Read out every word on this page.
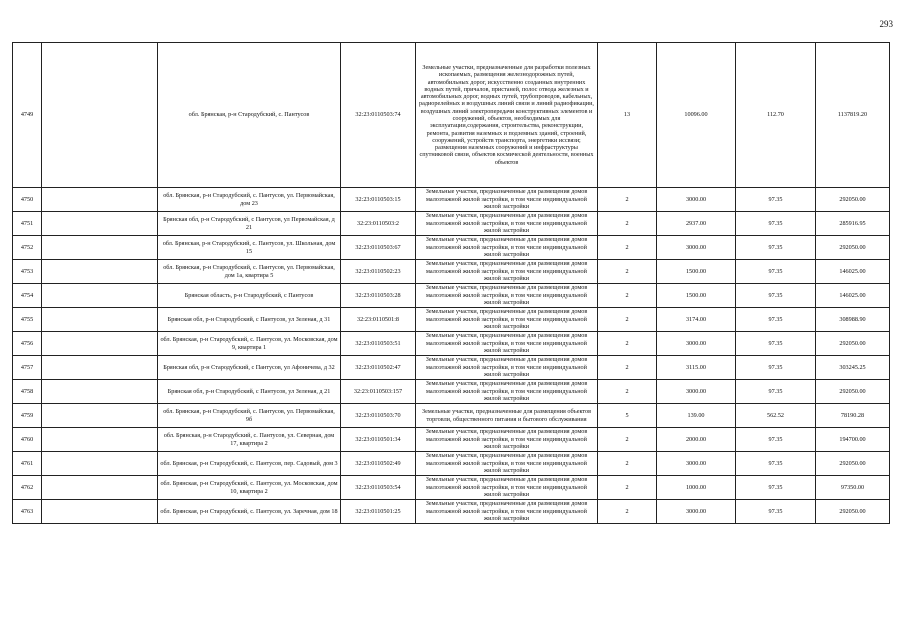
293
4749		обл. Брянская, р-н Стародубский, с. Пантусов	32:23:0110503:74	Земельные участки, предназначенные для разработки полезных ископаемых, размещения железнодорожных путей, автомобильных дорог, искусственно созданных внутренних водных путей, причалов, пристаней, полос отвода железных и автомобильных дорог, водных путей, трубопроводов, кабельных, радиорелейных и воздушных линий связи и линий радиофикации, воздушных линий электропередачи конструктивных элементов и сооружений, объектов, необходимых для эксплуатации,содержания, строительства, реконструкции, ремонта, развития наземных и подземных зданий, строений, сооружений, устройств транспорта, энергетики иссвязи; размещения наземных сооружений и инфраструктуры спутниковой связи, объектов космической деятельности, военных объектов	13	10096.00	112.70	1137819.20
4750		обл. Брянская, р-н Стародубский, с. Пантусов, ул. Первомайская, дом 23	32:23:0110503:15	Земельные участки, предназначенные для размещения домов малоэтажной жилой застройки, в том числе индивидуальной жилой застройки	2	3000.00	97.35	292050.00
4751		Брянская обл, р-н Стародубский, с Пантусов, ул Первомайская, д 21	32:23:0110503:2	Земельные участки, предназначенные для размещения домов малоэтажной жилой застройки, в том числе индивидуальной жилой застройки	2	2937.00	97.35	285916.95
4752		обл. Брянская, р-н Стародубский, с. Пантусов, ул. Школьная, дом 15	32:23:0110503:67	Земельные участки, предназначенные для размещения домов малоэтажной жилой застройки, в том числе индивидуальной жилой застройки	2	3000.00	97.35	292050.00
4753		обл. Брянская, р-н Стародубский, с. Пантусов, ул. Первомайская, дом 1а, квартира 5	32:23:0110502:23	Земельные участки, предназначенные для размещения домов малоэтажной жилой застройки, в том числе индивидуальной жилой застройки	2	1500.00	97.35	146025.00
4754		Брянская область, р-н Стародубский, с Пантусов	32:23:0110503:28	Земельные участки, предназначенные для размещения домов малоэтажной жилой застройки, в том числе индивидуальной жилой застройки	2	1500.00	97.35	146025.00
4755		Брянская обл, р-н Стародубский, с Пантусов, ул Зеленая, д 31	32:23:0110501:8	Земельные участки, предназначенные для размещения домов малоэтажной жилой застройки, в том числе индивидуальной жилой застройки	2	3174.00	97.35	308988.90
4756		обл. Брянская, р-н Стародубский, с. Пантусов, ул. Московская, дом 9, квартира 1	32:23:0110503:51	Земельные участки, предназначенные для размещения домов малоэтажной жилой застройки, в том числе индивидуальной жилой застройки	2	3000.00	97.35	292050.00
4757		Брянская обл, р-н Стародубский, с Пантусов, ул Афоничева, д 32	32:23:0110502:47	Земельные участки, предназначенные для размещения домов малоэтажной жилой застройки, в том числе индивидуальной жилой застройки	2	3115.00	97.35	303245.25
4758		Брянская обл, р-н Стародубский, с Пантусов, ул Зеленая, д 21	32:23:0110503:157	Земельные участки, предназначенные для размещения домов малоэтажной жилой застройки, в том числе индивидуальной жилой застройки	2	3000.00	97.35	292050.00
4759		обл. Брянская, р-н Стародубский, с. Пантусов, ул. Первомайская, 9б	32:23:0110503:70	Земельные участки, предназначенные для размещения объектов торговли, общественного питания и бытового обслуживания	5	139.00	562.52	78190.28
4760		обл. Брянская, р-н Стародубский, с. Пантусов, ул. Северная, дом 17, квартира 2	32:23:0110501:34	Земельные участки, предназначенные для размещения домов малоэтажной жилой застройки, в том числе индивидуальной жилой застройки	2	2000.00	97.35	194700.00
4761		обл. Брянская, р-н Стародубский, с. Пантусов, пер. Садовый, дом 3	32:23:0110502:49	Земельные участки, предназначенные для размещения домов малоэтажной жилой застройки, в том числе индивидуальной жилой застройки	2	3000.00	97.35	292050.00
4762		обл. Брянская, р-н Стародубский, с. Пантусов, ул. Московская, дом 10, квартира 2	32:23:0110503:54	Земельные участки, предназначенные для размещения домов малоэтажной жилой застройки, в том числе индивидуальной жилой застройки	2	1000.00	97.35	97350.00
4763		обл. Брянская, р-н Стародубский, с. Пантусов, ул. Заречная, дом 18	32:23:0110501:25	Земельные участки, предназначенные для размещения домов малоэтажной жилой застройки, в том числе индивидуальной жилой застройки	2	3000.00	97.35	292050.00
